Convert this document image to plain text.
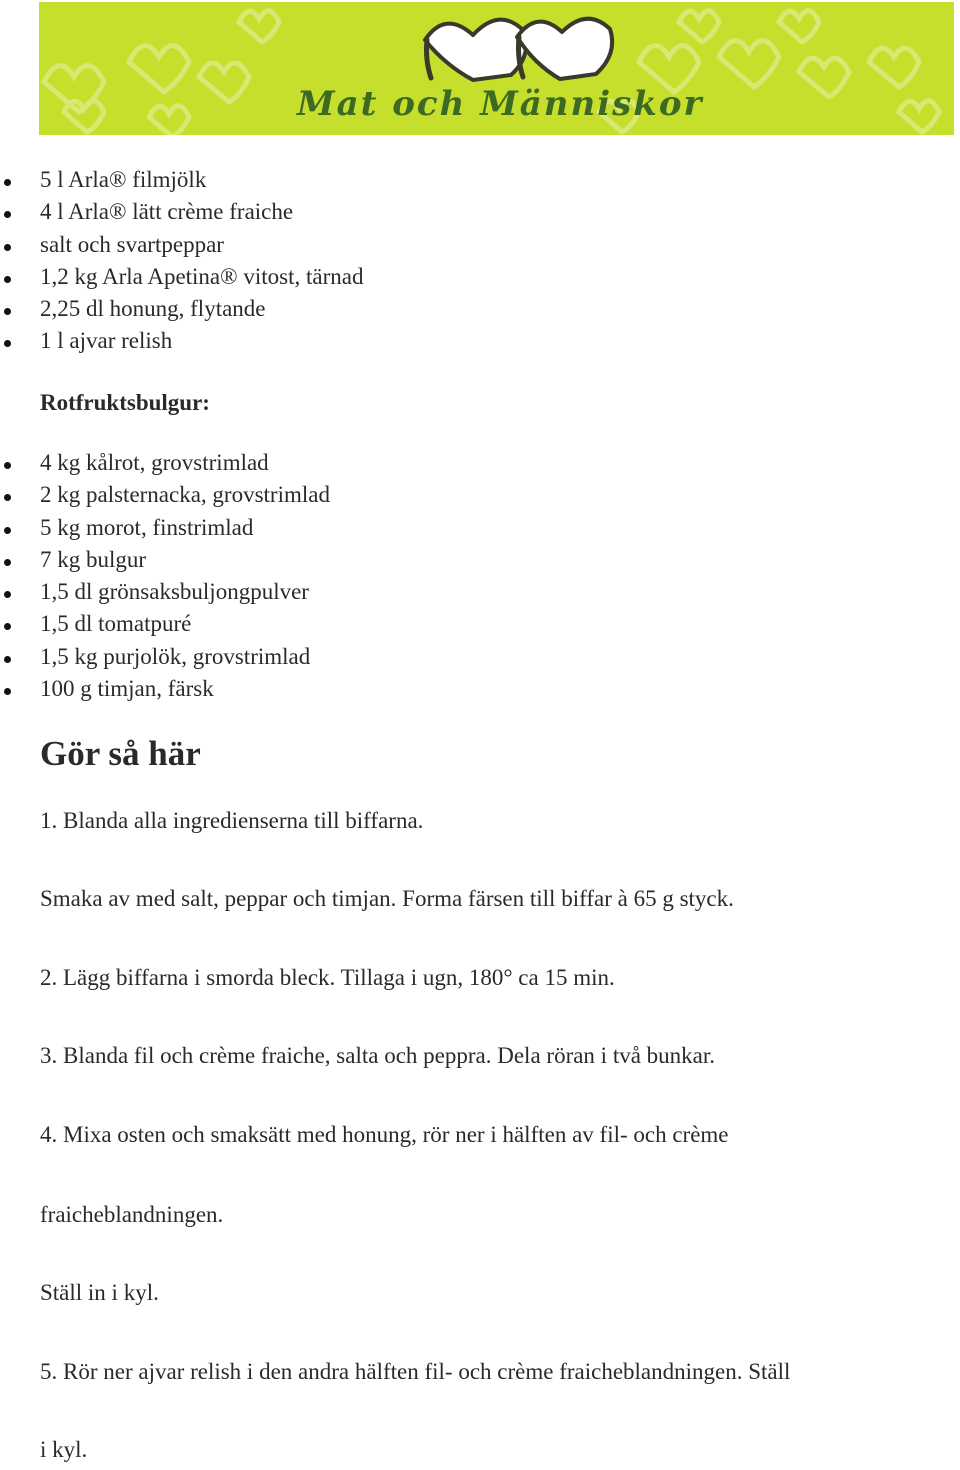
Mat och Människor
5 l Arla® filmjölk
4 l Arla® lätt crème fraiche
salt och svartpeppar
1,2 kg Arla Apetina® vitost, tärnad
2,25 dl honung, flytande
1 l ajvar relish
Rotfruktsbulgur:
4 kg kålrot, grovstrimlad
2 kg palsternacka, grovstrimlad
5 kg morot, finstrimlad
7 kg bulgur
1,5 dl grönsaksbuljongpulver
1,5 dl tomatpuré
1,5 kg purjolök, grovstrimlad
100 g timjan, färsk
Gör så här
1. Blanda alla ingredienserna till biffarna.
Smaka av med salt, peppar och timjan. Forma färsen till biffar à 65 g styck.
2. Lägg biffarna i smorda bleck. Tillaga i ugn, 180° ca 15 min.
3. Blanda fil och crème fraiche, salta och peppra. Dela röran i två bunkar.
4. Mixa osten och smaksätt med honung, rör ner i hälften av fil- och crème
fraicheblandningen.
Ställ in i kyl.
5. Rör ner ajvar relish i den andra hälften fil- och crème fraicheblandningen. Ställ
i kyl.
